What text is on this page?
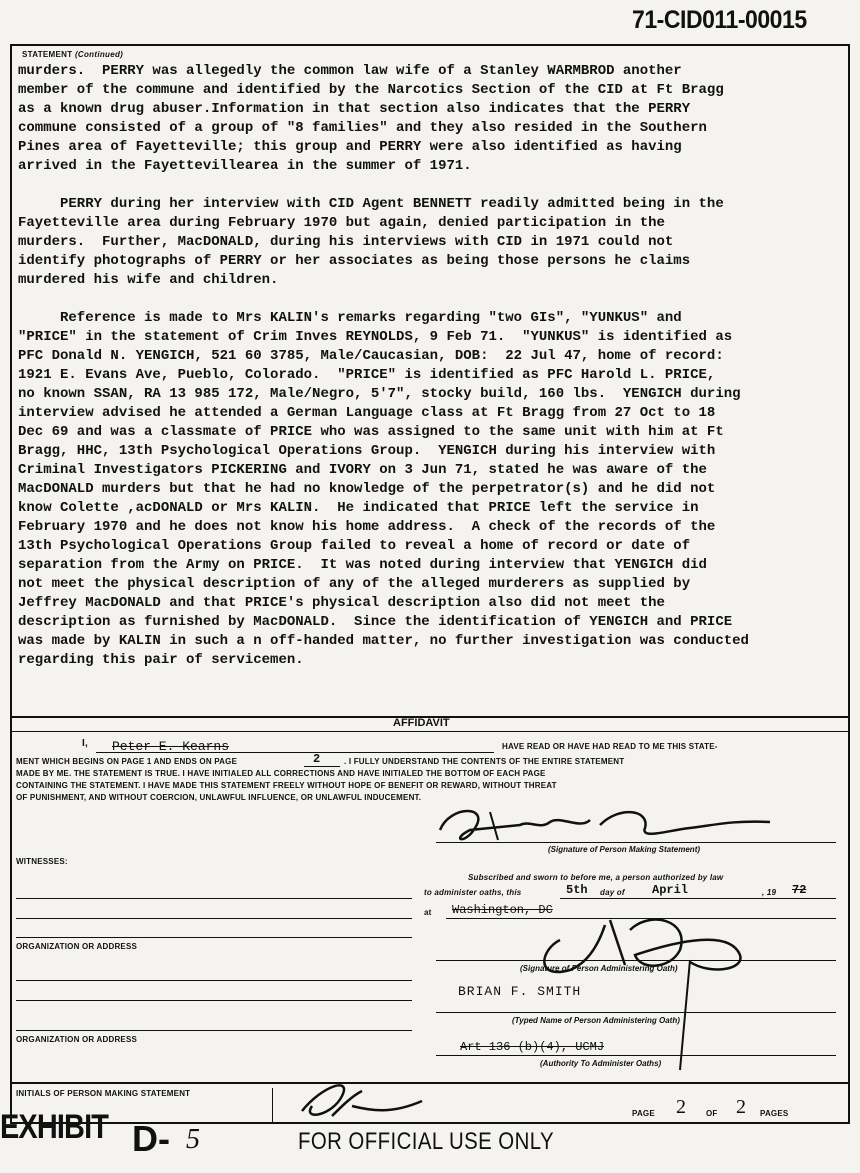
71-CID011-00015
STATEMENT (Continued)

murders.  PERRY was allegedly the common law wife of a Stanley WARMBROD another

member of the commune and identified by the Narcotics Section of the CID at Ft Bragg

as a known drug abuser.Information in that section also indicates that the PERRY

commune consisted of a group of "8 families" and they also resided in the Southern

Pines area of Fayetteville; this group and PERRY were also identified as having

arrived in the Fayettevillearea in the summer of 1971.

PERRY during her interview with CID Agent BENNETT readily admitted being in the

Fayetteville area during February 1970 but again, denied participation in the

murders.  Further, MacDONALD, during his interviews with CID in 1971 could not

identify photographs of PERRY or her associates as being those persons he claims

murdered his wife and children.

Reference is made to Mrs KALIN's remarks regarding "two GIs", "YUNKUS" and

"PRICE" in the statement of Crim Inves REYNOLDS, 9 Feb 71.  "YUNKUS" is identified as

PFC Donald N. YENGICH, 521 60 3785, Male/Caucasian, DOB:  22 Jul 47, home of record:

1921 E. Evans Ave, Pueblo, Colorado.  "PRICE" is identified as PFC Harold L. PRICE,

no known SSAN, RA 13 985 172, Male/Negro, 5'7", stocky build, 160 lbs.  YENGICH during

interview advised he attended a German Language class at Ft Bragg from 27 Oct to 18

Dec 69 and was a classmate of PRICE who was assigned to the same unit with him at Ft

Bragg, HHC, 13th Psychological Operations Group.  YENGICH during his interview with

Criminal Investigators PICKERING and IVORY on 3 Jun 71, stated he was aware of the

MacDONALD murders but that he had no knowledge of the perpetrator(s) and he did not

know Colette ,acDONALD or Mrs KALIN.  He indicated that PRICE left the service in

February 1970 and he does not know his home address.  A check of the records of the

13th Psychological Operations Group failed to reveal a home of record or date of

separation from the Army on PRICE.  It was noted during interview that YENGICH did

not meet the physical description of any of the alleged murderers as supplied by

Jeffrey MacDONALD and that PRICE's physical description also did not meet the

description as furnished by MacDONALD.  Since the identification of YENGICH and PRICE

was made by KALIN in such a n off-handed matter, no further investigation was conducted

regarding this pair of servicemen.

AFFIDAVIT
I, Peter E. Kearns	HAVE READ OR HAVE HAD READ TO ME THIS STATE-
MENT WHICH BEGINS ON PAGE 1 AND ENDS ON PAGE	2	. I FULLY UNDERSTAND THE CONTENTS OF THE ENTIRE STATEMENT
MADE BY ME. THE STATEMENT IS TRUE. I HAVE INITIALED ALL CORRECTIONS AND HAVE INITIALED THE BOTTOM OF EACH PAGE
CONTAINING THE STATEMENT. I HAVE MADE THIS STATEMENT FREELY WITHOUT HOPE OF BENEFIT OR REWARD, WITHOUT THREAT
OF PUNISHMENT, AND WITHOUT COERCION, UNLAWFUL INFLUENCE, OR UNLAWFUL INDUCEMENT.
(Signature of Person Making Statement)
WITNESSES:
Subscribed and sworn to before me, a person authorized by law
to administer oaths, this	5th day of April	, 19 72
at Washington, DC
ORGANIZATION OR ADDRESS
(Signature of Person Administering Oath)
BRIAN F. SMITH
(Typed Name of Person Administering Oath)
ORGANIZATION OR ADDRESS
Art 136 (b)(4), UCMJ
(Authority To Administer Oaths)
INITIALS OF PERSON MAKING STATEMENT
PAGE 2	OF 2 PAGES
EXHIBIT D- 5	FOR OFFICIAL USE ONLY
